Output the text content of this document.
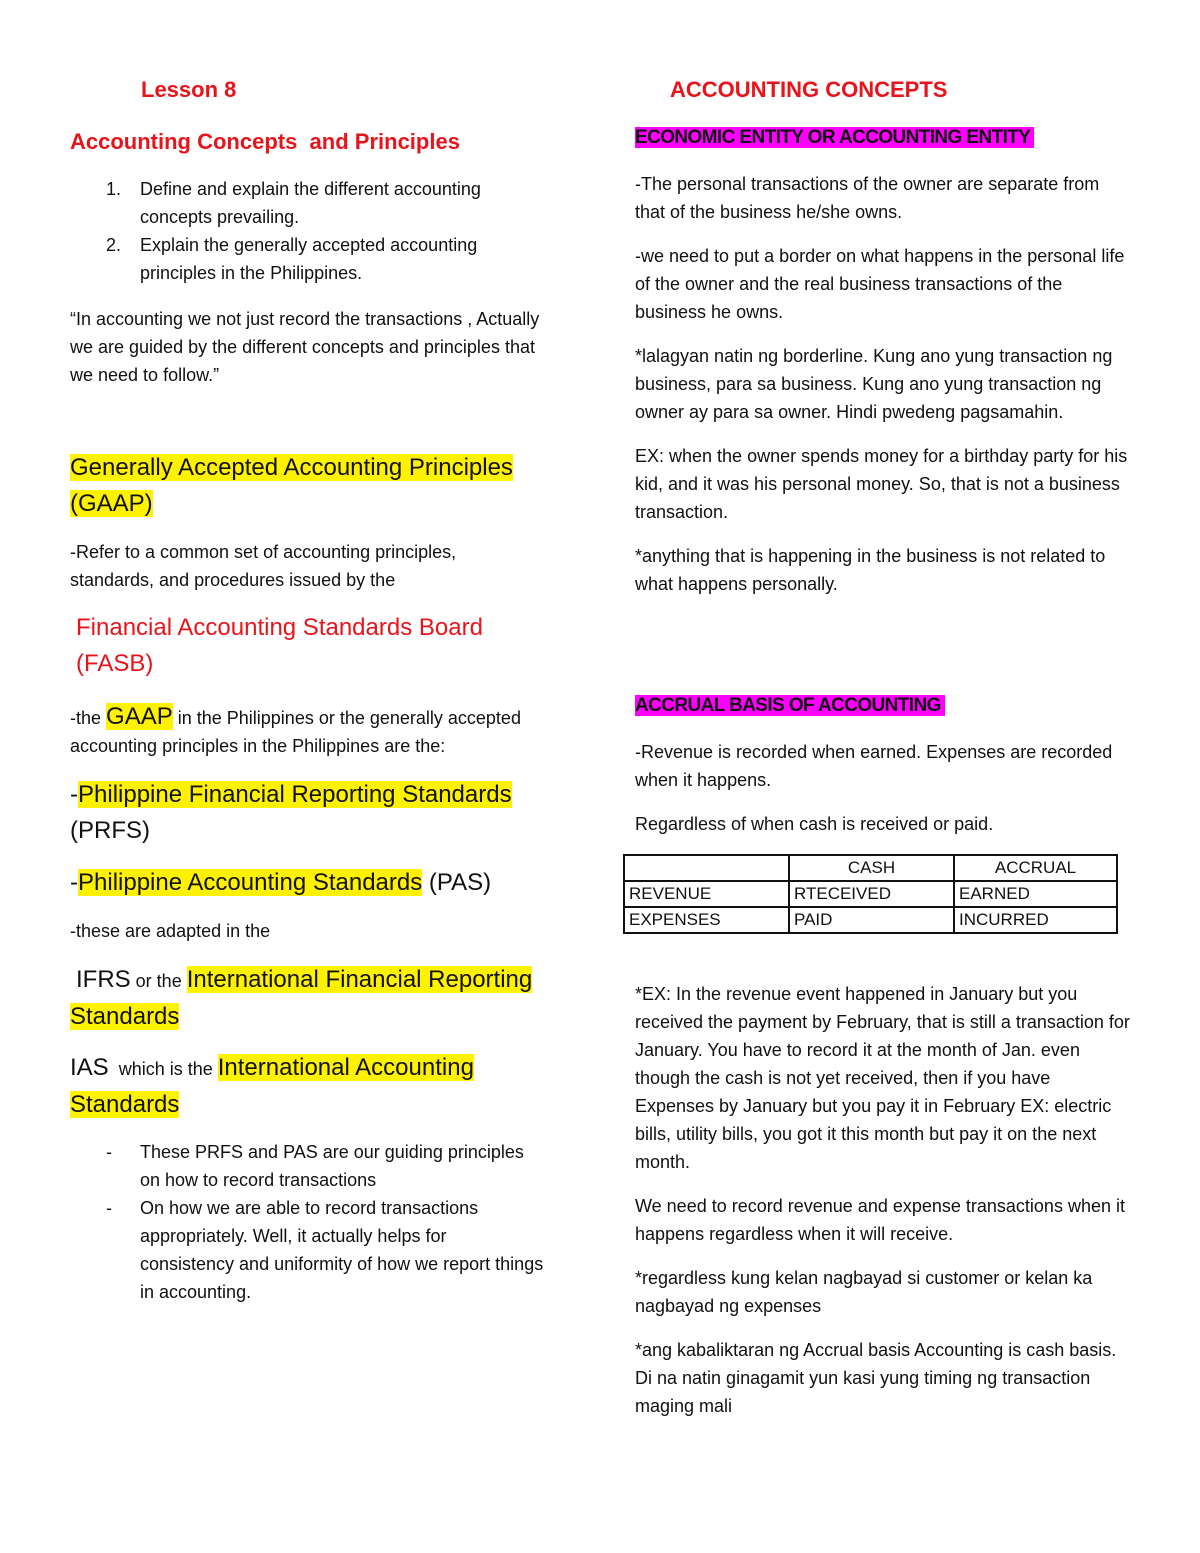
Lesson 8

Accounting Concepts  and Principles

1. Define and explain the different accounting concepts prevailing.
2. Explain the generally accepted accounting principles in the Philippines.

“In accounting we not just record the transactions , Actually we are guided by the different concepts and principles that we need to follow.”

Generally Accepted Accounting Principles (GAAP)

-Refer to a common set of accounting principles, standards, and procedures issued by the

Financial Accounting Standards Board (FASB)

-the GAAP in the Philippines or the generally accepted accounting principles in the Philippines are the:

-Philippine Financial Reporting Standards
(PRFS)

-Philippine Accounting Standards (PAS)

-these are adapted in the

IFRS or the International Financial Reporting
Standards

IAS  which is the International Accounting
Standards

- These PRFS and PAS are our guiding principles on how to record transactions
- On how we are able to record transactions appropriately. Well, it actually helps for consistency and uniformity of how we report things in accounting.

ACCOUNTING CONCEPTS

ECONOMIC ENTITY OR ACCOUNTING ENTITY

-The personal transactions of the owner are separate from that of the business he/she owns.

-we need to put a border on what happens in the personal life of the owner and the real business transactions of the business he owns.

*lalagyan natin ng borderline. Kung ano yung transaction ng business, para sa business. Kung ano yung transaction ng owner ay para sa owner. Hindi pwedeng pagsamahin.

EX: when the owner spends money for a birthday party for his kid, and it was his personal money. So, that is not a business transaction.

*anything that is happening in the business is not related to what happens personally.

ACCRUAL BASIS OF ACCOUNTING

-Revenue is recorded when earned. Expenses are recorded when it happens.

Regardless of when cash is received or paid.

	CASH	ACCRUAL
REVENUE	RTECEIVED	EARNED
EXPENSES	PAID	INCURRED

*EX: In the revenue event happened in January but you received the payment by February, that is still a transaction for January. You have to record it at the month of Jan. even though the cash is not yet received, then if you have Expenses by January but you pay it in February EX: electric bills, utility bills, you got it this month but pay it on the next month.

We need to record revenue and expense transactions when it happens regardless when it will receive.

*regardless kung kelan nagbayad si customer or kelan ka nagbayad ng expenses

*ang kabaliktaran ng Accrual basis Accounting is cash basis. Di na natin ginagamit yun kasi yung timing ng transaction maging mali
